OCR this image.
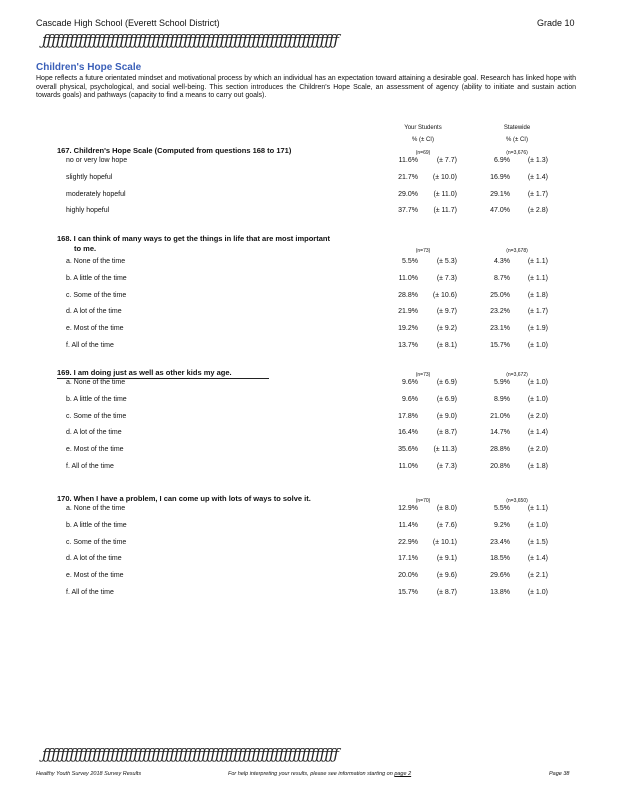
Cascade High School (Everett School District)	Grade 10
ƒƒƒƒƒƒƒƒƒƒƒƒƒƒƒƒƒƒƒƒƒƒƒƒƒƒƒƒƒƒƒƒƒƒƒƒƒƒƒƒƒƒƒƒƒƒƒƒƒƒƒƒƒƒƒƒƒƒƒƒƒƒƒƒƒ
Children's Hope Scale
Hope reflects a future orientated mindset and motivational process by which an individual has an expectation toward attaining a desirable goal. Research has linked hope with overall physical, psychological, and social well-being. This section introduces the Children's Hope Scale, an assessment of agency (ability to initiate and sustain action towards goals) and pathways (capacity to find a means to carry out goals).
Your Students	Statewide
% (± CI)	% (± CI)
167. Children's Hope Scale (Computed from questions 168 to 171)	(n=69)	(n=3,676)
no or very low hope	11.6%	(± 7.7)	6.9%	(± 1.3)
slightly hopeful	21.7%	(± 10.0)	16.9%	(± 1.4)
moderately hopeful	29.0%	(± 11.0)	29.1%	(± 1.7)
highly hopeful	37.7%	(± 11.7)	47.0%	(± 2.8)
168. I can think of many ways to get the things in life that are most important
to me.	(n=73)	(n=3,678)
a. None of the time	5.5%	(± 5.3)	4.3%	(± 1.1)
b. A little of the time	11.0%	(± 7.3)	8.7%	(± 1.1)
c. Some of the time	28.8%	(± 10.6)	25.0%	(± 1.8)
d. A lot of the time	21.9%	(± 9.7)	23.2%	(± 1.7)
e. Most of the time	19.2%	(± 9.2)	23.1%	(± 1.9)
f. All of the time	13.7%	(± 8.1)	15.7%	(± 1.0)
169. I am doing just as well as other kids my age.	(n=73)	(n=3,672)
a. None of the time	9.6%	(± 6.9)	5.9%	(± 1.0)
b. A little of the time	9.6%	(± 6.9)	8.9%	(± 1.0)
c. Some of the time	17.8%	(± 9.0)	21.0%	(± 2.0)
d. A lot of the time	16.4%	(± 8.7)	14.7%	(± 1.4)
e. Most of the time	35.6%	(± 11.3)	28.8%	(± 2.0)
f. All of the time	11.0%	(± 7.3)	20.8%	(± 1.8)
170. When I have a problem, I can come up with lots of ways to solve it.	(n=70)	(n=3,650)
a. None of the time	12.9%	(± 8.0)	5.5%	(± 1.1)
b. A little of the time	11.4%	(± 7.6)	9.2%	(± 1.0)
c. Some of the time	22.9%	(± 10.1)	23.4%	(± 1.5)
d. A lot of the time	17.1%	(± 9.1)	18.5%	(± 1.4)
e. Most of the time	20.0%	(± 9.6)	29.6%	(± 2.1)
f. All of the time	15.7%	(± 8.7)	13.8%	(± 1.0)
ƒƒƒƒƒƒƒƒƒƒƒƒƒƒƒƒƒƒƒƒƒƒƒƒƒƒƒƒƒƒƒƒƒƒƒƒƒƒƒƒƒƒƒƒƒƒƒƒƒƒƒƒƒƒƒƒƒƒƒƒƒƒƒƒƒ
Healthy Youth Survey 2018 Survey Results	For help interpreting your results, please see information starting on page 2	Page 38
